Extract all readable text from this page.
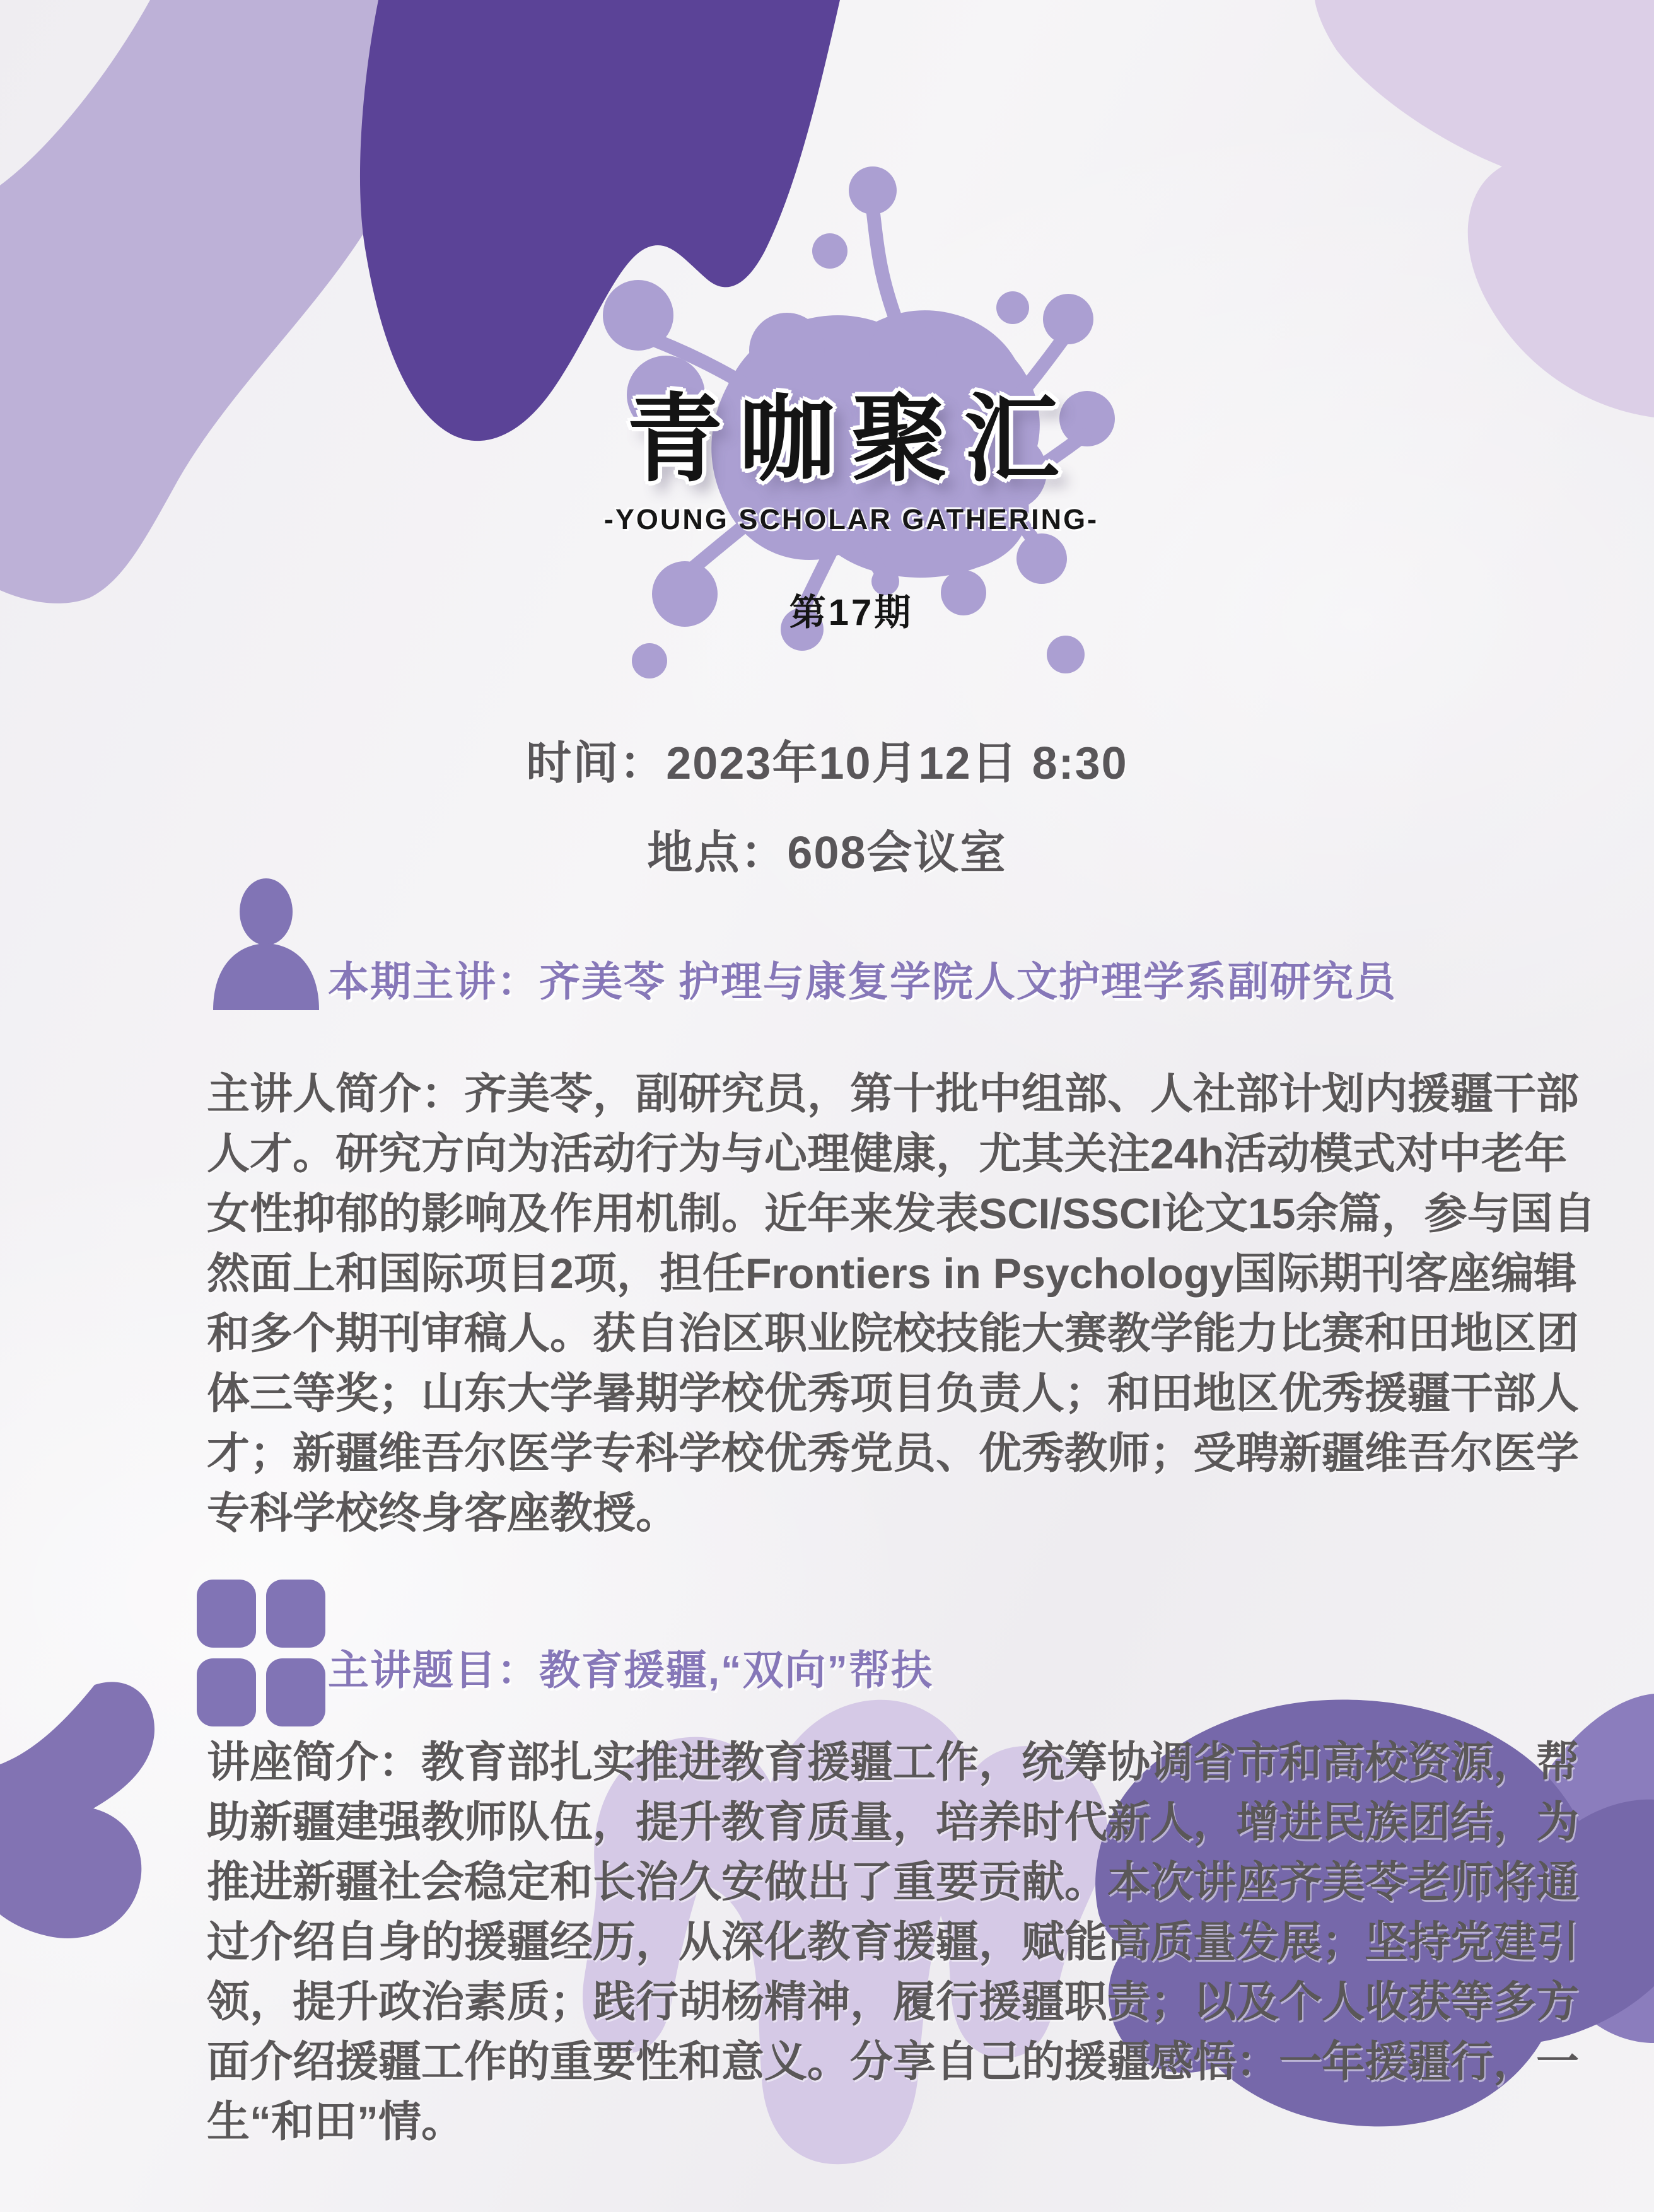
青咖聚汇
-YOUNG SCHOLAR GATHERING-
第17期
时间：2023年10月12日 8:30
地点：608会议室
本期主讲：齐美苓 护理与康复学院人文护理学系副研究员
主讲人简介：齐美苓，副研究员，第十批中组部、人社部计划内援疆干部
人才。研究方向为活动行为与心理健康，尤其关注24h活动模式对中老年
女性抑郁的影响及作用机制。近年来发表SCI/SSCI论文15余篇，参与国自
然面上和国际项目2项，担任Frontiers in Psychology国际期刊客座编辑
和多个期刊审稿人。获自治区职业院校技能大赛教学能力比赛和田地区团
体三等奖；山东大学暑期学校优秀项目负责人；和田地区优秀援疆干部人
才；新疆维吾尔医学专科学校优秀党员、优秀教师；受聘新疆维吾尔医学
专科学校终身客座教授。
主讲题目：教育援疆,“双向”帮扶
讲座简介：教育部扎实推进教育援疆工作，统筹协调省市和高校资源，帮
助新疆建强教师队伍，提升教育质量，培养时代新人，增进民族团结，为
推进新疆社会稳定和长治久安做出了重要贡献。本次讲座齐美苓老师将通
过介绍自身的援疆经历，从深化教育援疆，赋能高质量发展；坚持党建引
领，提升政治素质；践行胡杨精神，履行援疆职责；以及个人收获等多方
面介绍援疆工作的重要性和意义。分享自己的援疆感悟：一年援疆行，一
生“和田”情。
